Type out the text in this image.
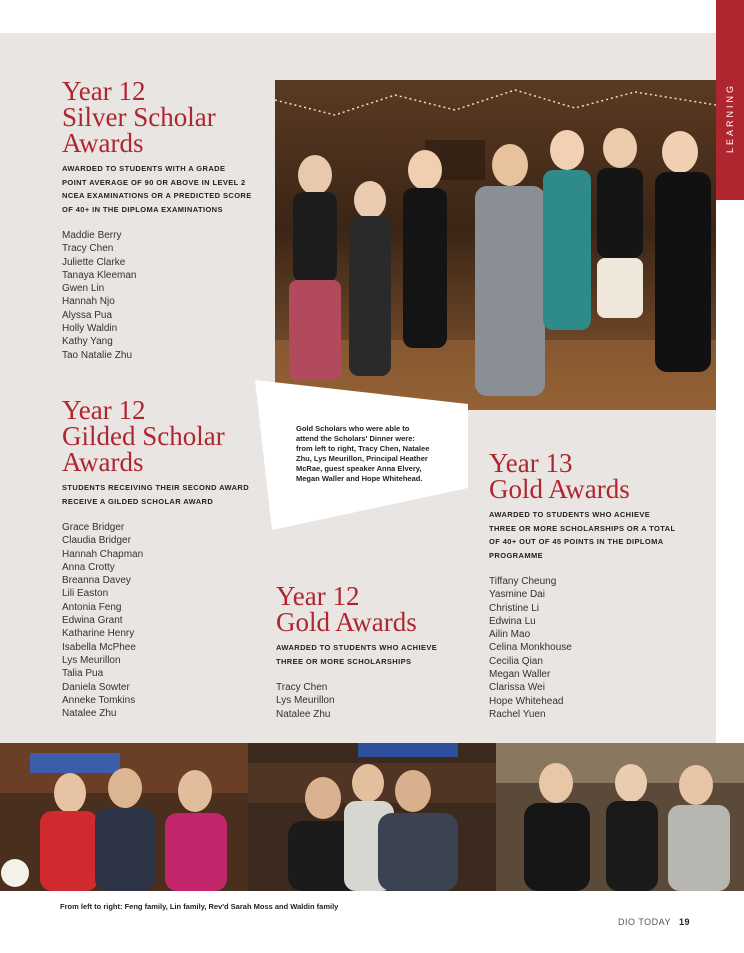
LEARNING
Year 12
Silver Scholar
Awards

AWARDED TO STUDENTS WITH A GRADE
POINT AVERAGE OF 90 OR ABOVE IN LEVEL 2
NCEA EXAMINATIONS OR A PREDICTED SCORE
OF 40+ IN THE DIPLOMA EXAMINATIONS

Maddie Berry
Tracy Chen
Juliette Clarke
Tanaya Kleeman
Gwen Lin
Hannah Njo
Alyssa Pua
Holly Waldin
Kathy Yang
Tao Natalie Zhu

Gold Scholars who were able to
attend the Scholars' Dinner were:
from left to right, Tracy Chen, Natalee
Zhu, Lys Meurillon, Principal Heather
McRae, guest speaker Anna Elvery,
Megan Waller and Hope Whitehead.

Year 12
Gilded Scholar
Awards

STUDENTS RECEIVING THEIR SECOND AWARD
RECEIVE A GILDED SCHOLAR AWARD

Grace Bridger
Claudia Bridger
Hannah Chapman
Anna Crotty
Breanna Davey
Lili Easton
Antonia Feng
Edwina Grant
Katharine Henry
Isabella McPhee
Lys Meurillon
Talia Pua
Daniela Sowter
Anneke Tomkins
Natalee Zhu
Year 12
Gold Awards

AWARDED TO STUDENTS WHO ACHIEVE
THREE OR MORE SCHOLARSHIPS

Tracy Chen
Lys Meurillon
Natalee Zhu
Year 13
Gold Awards

AWARDED TO STUDENTS WHO ACHIEVE
THREE OR MORE SCHOLARSHIPS OR A TOTAL
OF 40+ OUT OF 45 POINTS IN THE DIPLOMA
PROGRAMME

Tiffany Cheung
Yasmine Dai
Christine Li
Edwina Lu
Ailin Mao
Celina Monkhouse
Cecilia Qian
Megan Waller
Clarissa Wei
Hope Whitehead
Rachel Yuen

From left to right: Feng family, Lin family, Rev'd Sarah Moss and Waldin family

DIO TODAY 19
